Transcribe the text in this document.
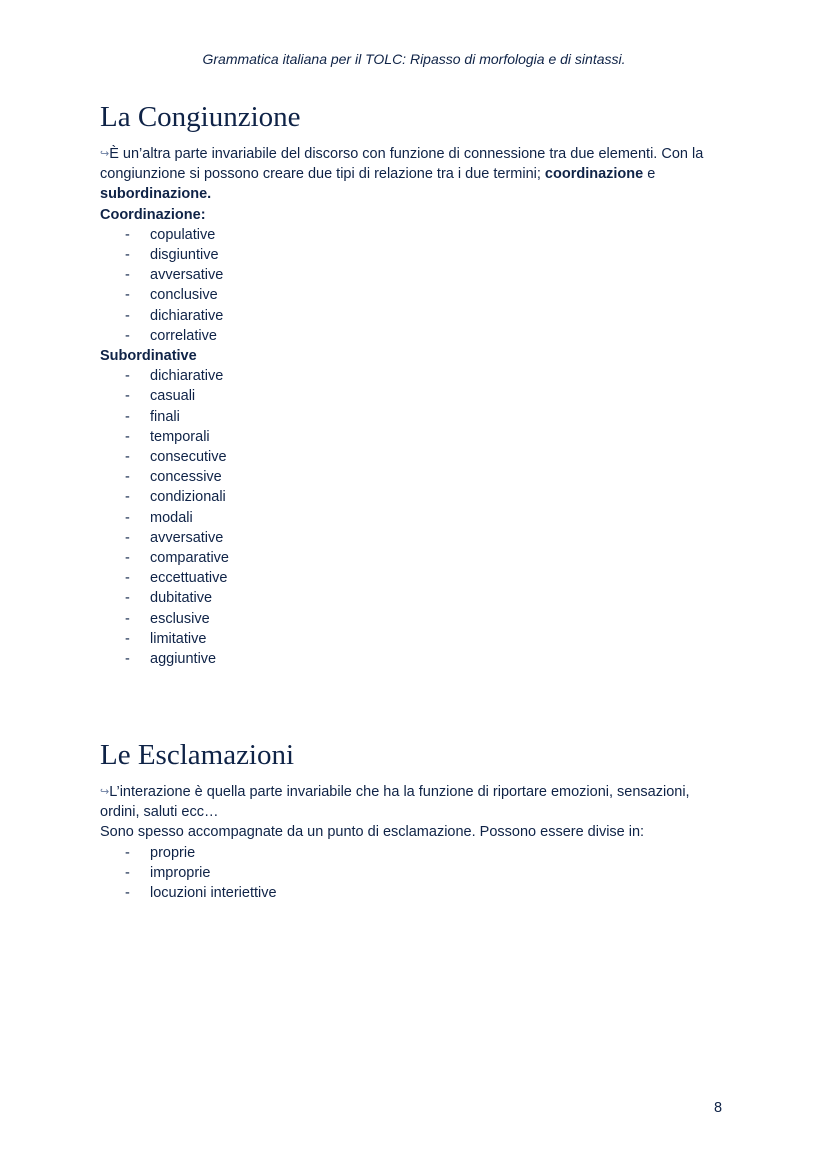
Grammatica italiana per il TOLC: Ripasso di morfologia e di sintassi.
La Congiunzione

↪È un’altra parte invariabile del discorso con funzione di connessione tra due elementi. Con la congiunzione si possono creare due tipi di relazione tra i due termini; coordinazione e subordinazione.

Coordinazione:

- copulative
- disgiuntive
- avversative
- conclusive
- dichiarative
- correlative

Subordinative

- dichiarative
- casuali
- finali
- temporali
- consecutive
- concessive
- condizionali
- modali
- avversative
- comparative
- eccettuative
- dubitative
- esclusive
- limitative
- aggiuntive
Le Esclamazioni

↪L’interazione è quella parte invariabile che ha la funzione di riportare emozioni, sensazioni, ordini, saluti ecc…

Sono spesso accompagnate da un punto di esclamazione. Possono essere divise in:

- proprie
- improprie
- locuzioni interiettive
8
